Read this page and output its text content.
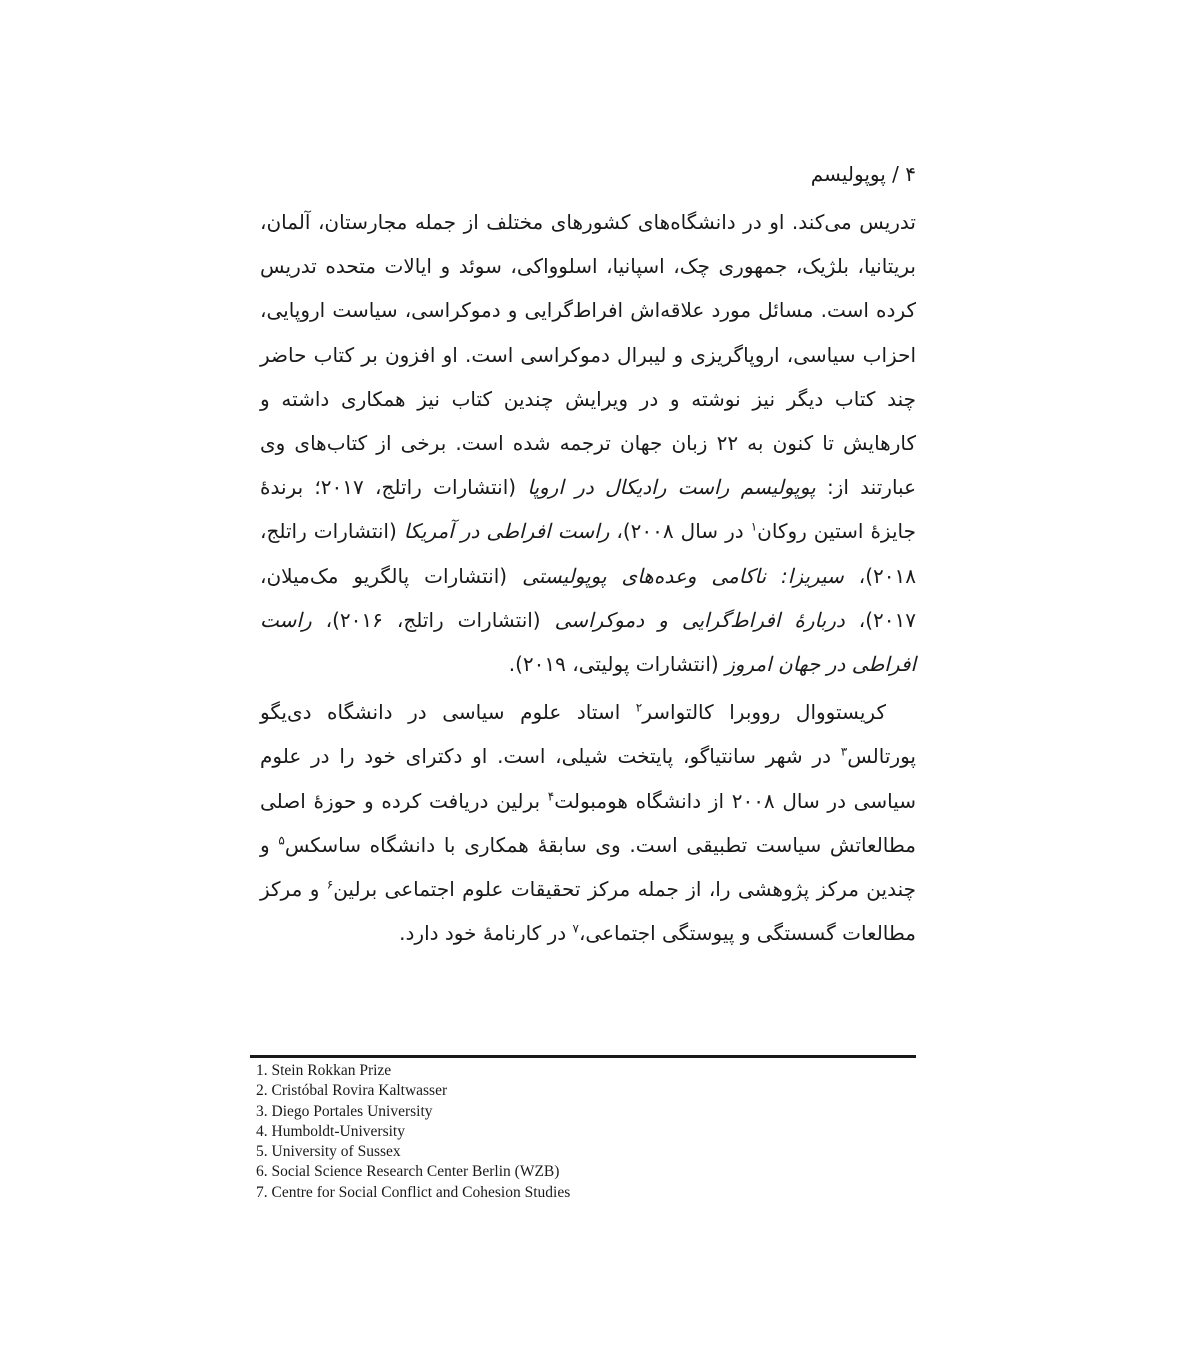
۴ / پوپولیسم

تدریس می‌کند. او در دانشگاه‌های کشورهای مختلف از جمله مجارستان، آلمان، بریتانیا، بلژیک، جمهوری چک، اسپانیا، اسلوواکی، سوئد و ایالات متحده تدریس کرده است. مسائل مورد علاقه‌اش افراط‌گرایی و دموکراسی، سیاست اروپایی، احزاب سیاسی، اروپاگریزی و لیبرال دموکراسی است. او افزون بر کتاب حاضر چند کتاب دیگر نیز نوشته و در ویرایش چندین کتاب نیز همکاری داشته و کارهایش تا کنون به ۲۲ زبان جهان ترجمه شده است. برخی از کتاب‌های وی عبارتند از: پوپولیسم راست رادیکال در اروپا (انتشارات راتلج، ۲۰۱۷؛ برندهٔ جایزهٔ استین روکان$^۱$ در سال ۲۰۰۸)، راست افراطی در آمریکا (انتشارات راتلج، ۲۰۱۸)، سیریزا: ناکامی وعده‌های پوپولیستی (انتشارات پالگریو مک‌میلان، ۲۰۱۷)، دربارهٔ افراط‌گرایی و دموکراسی (انتشارات راتلج، ۲۰۱۶)، راست افراطی در جهان امروز (انتشارات پولیتی، ۲۰۱۹).

کریستووال رووبرا کالتواسر$^۲$ استاد علوم سیاسی در دانشگاه دی‌یگو پورتالس$^۳$ در شهر سانتیاگو، پایتخت شیلی، است. او دکترای خود را در علوم سیاسی در سال ۲۰۰۸ از دانشگاه هومبولت$^۴$ برلین دریافت کرده و حوزهٔ اصلی مطالعاتش سیاست تطبیقی است. وی سابقهٔ همکاری با دانشگاه ساسکس$^۵$ و چندین مرکز پژوهشی را، از جمله مرکز تحقیقات علوم اجتماعی برلین$^۶$ و مرکز مطالعات گسستگی و پیوستگی اجتماعی،$^۷$ در کارنامهٔ خود دارد.

1. Stein Rokkan Prize
2. Cristóbal Rovira Kaltwasser
3. Diego Portales University
4. Humboldt-University
5. University of Sussex
6. Social Science Research Center Berlin (WZB)
7. Centre for Social Conflict and Cohesion Studies
